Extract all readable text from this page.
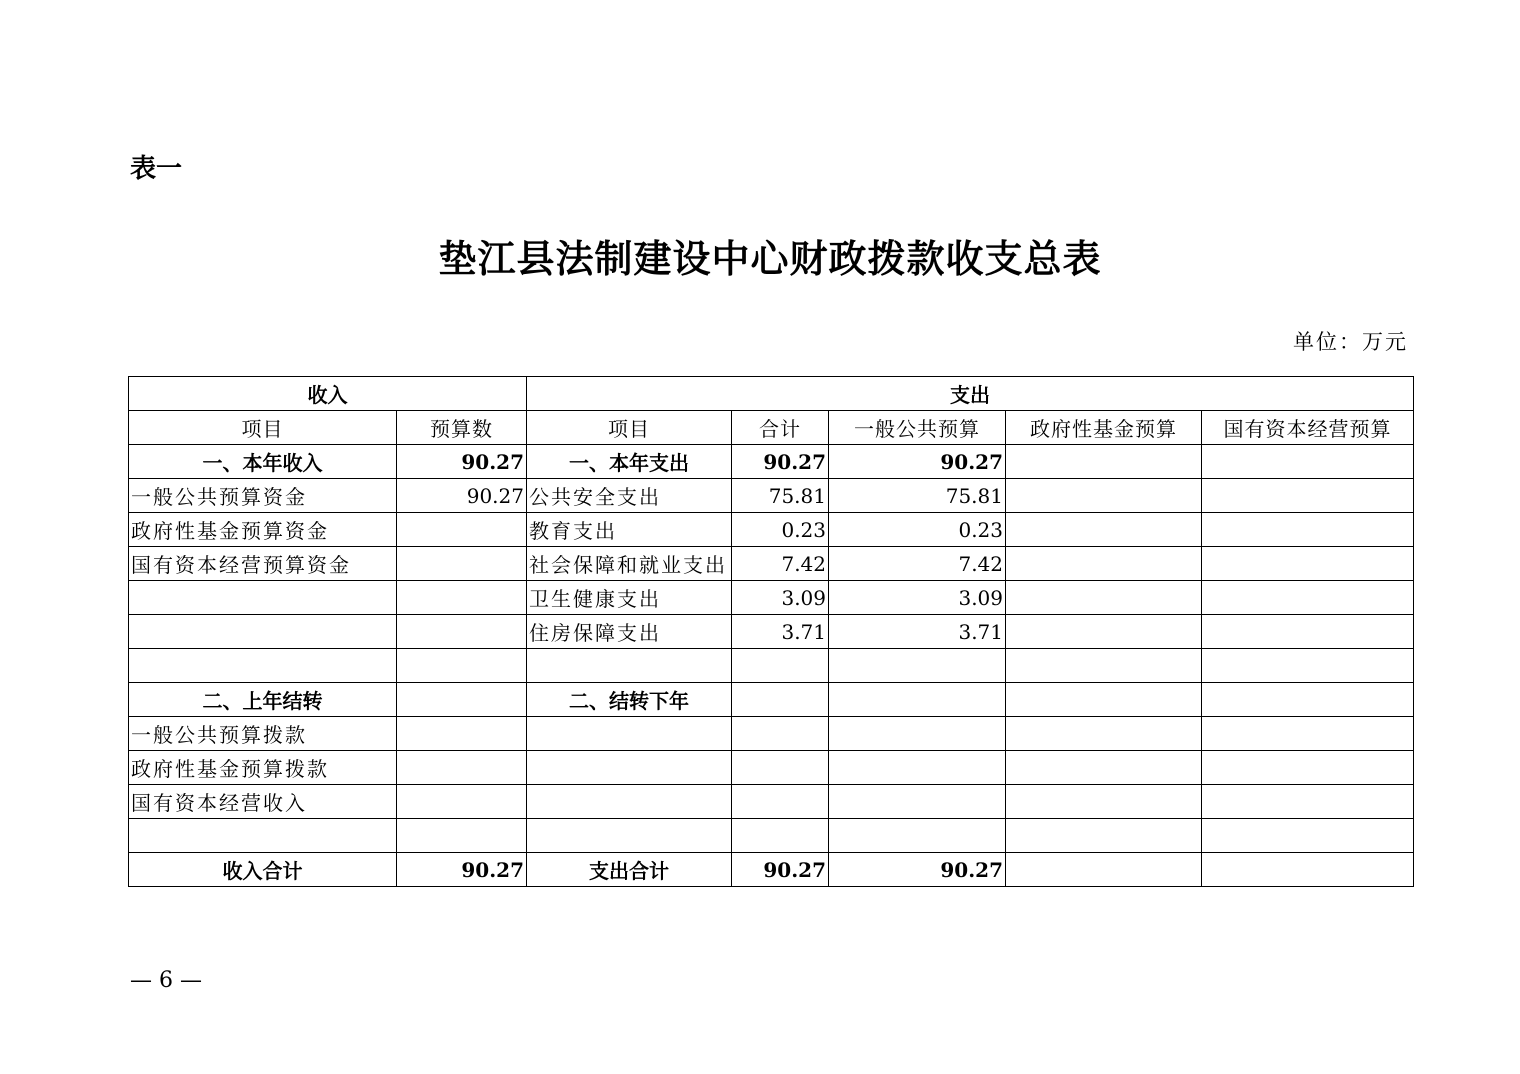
表一
垫江县法制建设中心财政拨款收支总表
单位：万元
收入		支出				
项目	预算数	项目	合计	一般公共预算	政府性基金预算	国有资本经营预算
一、本年收入	90.27	一、本年支出	90.27	90.27		
一般公共预算资金	90.27	公共安全支出	75.81	75.81		
政府性基金预算资金		教育支出	0.23	0.23		
国有资本经营预算资金		社会保障和就业支出	7.42	7.42		
		卫生健康支出	3.09	3.09		
		住房保障支出	3.71	3.71		

二、上年结转		二、结转下年				
一般公共预算拨款						
政府性基金预算拨款						
国有资本经营收入						

收入合计	90.27	支出合计	90.27	90.27		
— 6 —
